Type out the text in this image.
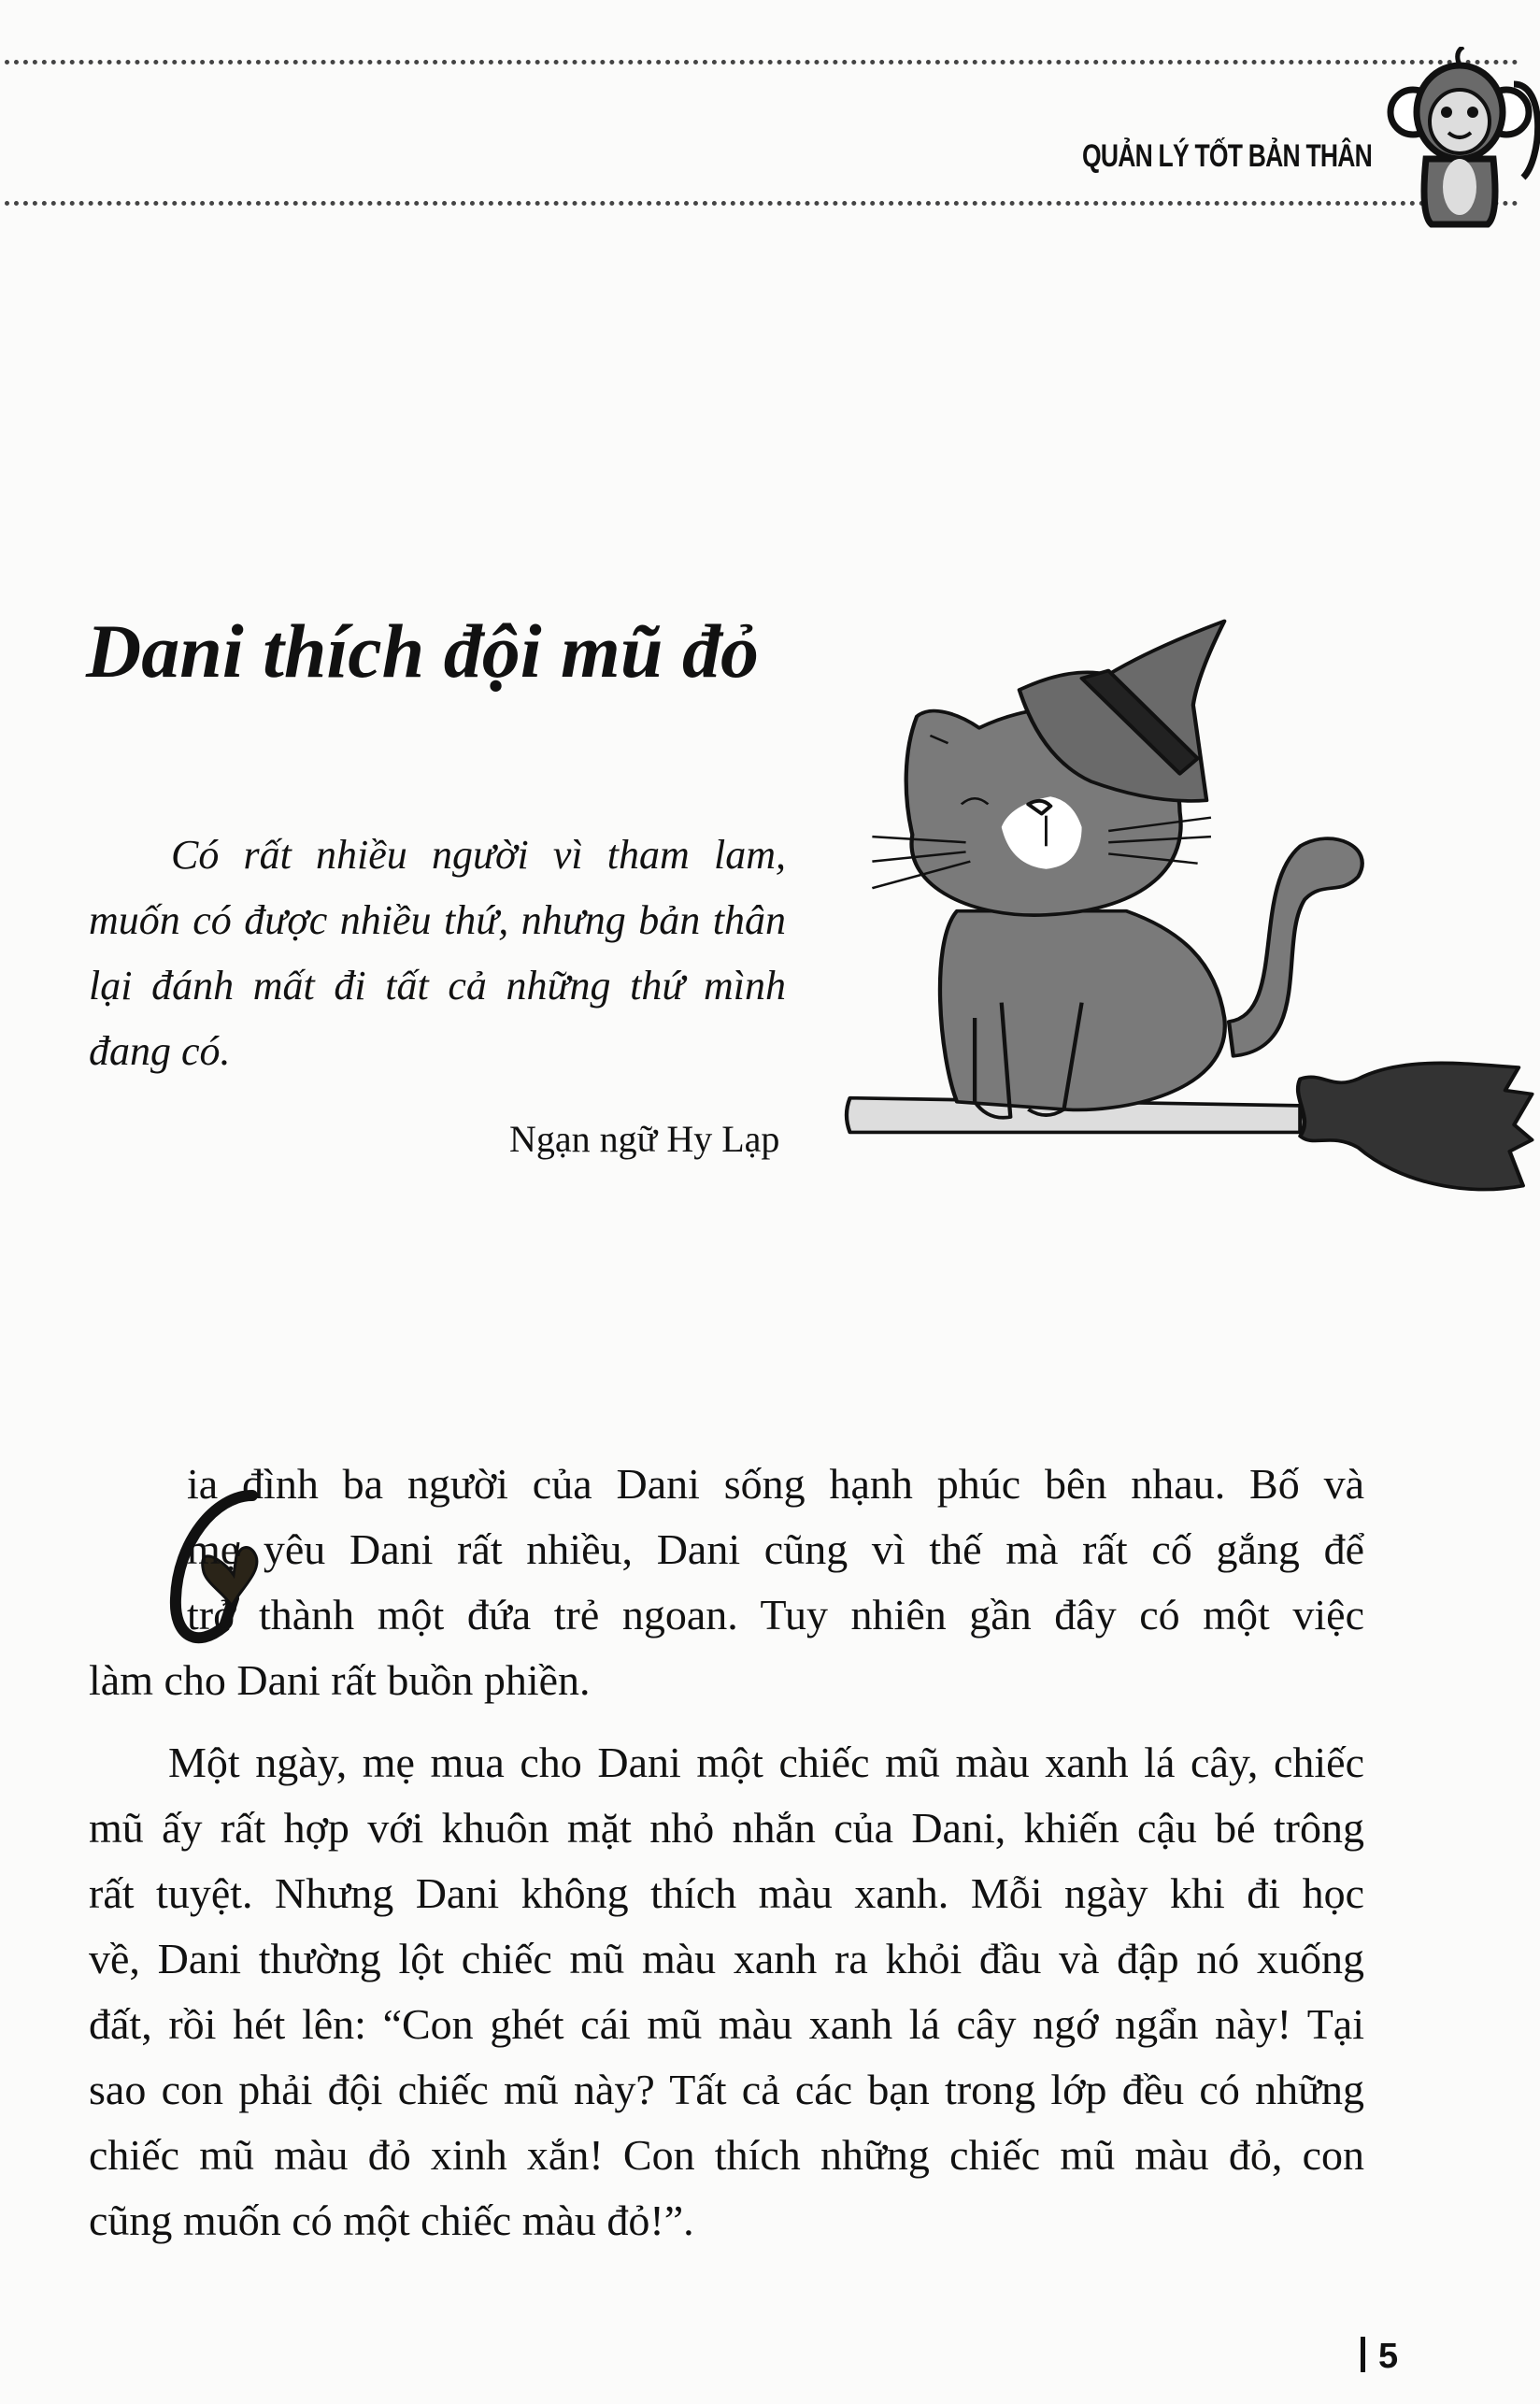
QUẢN LÝ TỐT BẢN THÂN
Dani thích đội mũ đỏ
Có rất nhiều người vì tham lam,
muốn có được nhiều thứ, nhưng bản thân
lại đánh mất đi tất cả những thứ mình
đang có.
Ngạn ngữ Hy Lạp
ia đình ba người của Dani sống hạnh phúc bên nhau. Bố và
mẹ yêu Dani rất nhiều, Dani cũng vì thế mà rất cố gắng để
trở thành một đứa trẻ ngoan. Tuy nhiên gần đây có một việc
làm cho Dani rất buồn phiền.
Một ngày, mẹ mua cho Dani một chiếc mũ màu xanh lá cây, chiếc
mũ ấy rất hợp với khuôn mặt nhỏ nhắn của Dani, khiến cậu bé trông
rất tuyệt. Nhưng Dani không thích màu xanh. Mỗi ngày khi đi học
về, Dani thường lột chiếc mũ màu xanh ra khỏi đầu và đập nó xuống
đất, rồi hét lên: “Con ghét cái mũ màu xanh lá cây ngớ ngẩn này! Tại
sao con phải đội chiếc mũ này? Tất cả các bạn trong lớp đều có những
chiếc mũ màu đỏ xinh xắn! Con thích những chiếc mũ màu đỏ, con
cũng muốn có một chiếc màu đỏ!”.
5
